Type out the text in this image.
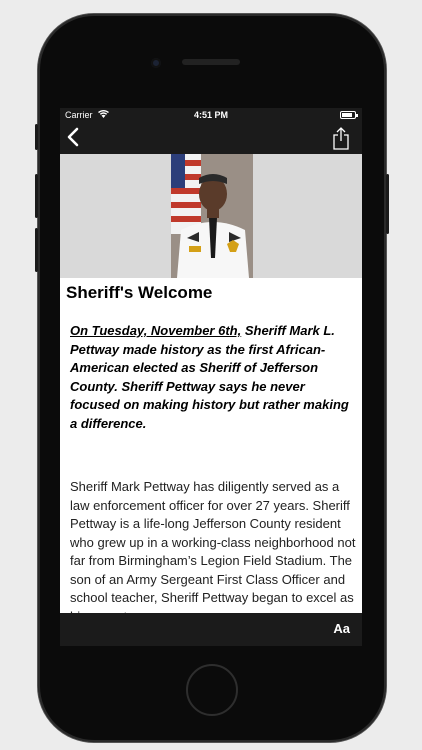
Carrier	4:51 PM
Sheriff's Welcome
On Tuesday, November 6th, Sheriff Mark L. Pettway made history as the first African-American elected as Sheriff of Jefferson County. Sheriff Pettway says he never focused on making history but rather making a difference.
Sheriff Mark Pettway has diligently served as a law enforcement officer for over 27 years. Sheriff Pettway is a life-long Jefferson County resident who grew up in a working-class neighborhood not far from Birmingham’s Legion Field Stadium. The son of an Army Sergeant First Class Officer and school teacher, Sheriff Pettway began to excel as
Aa
